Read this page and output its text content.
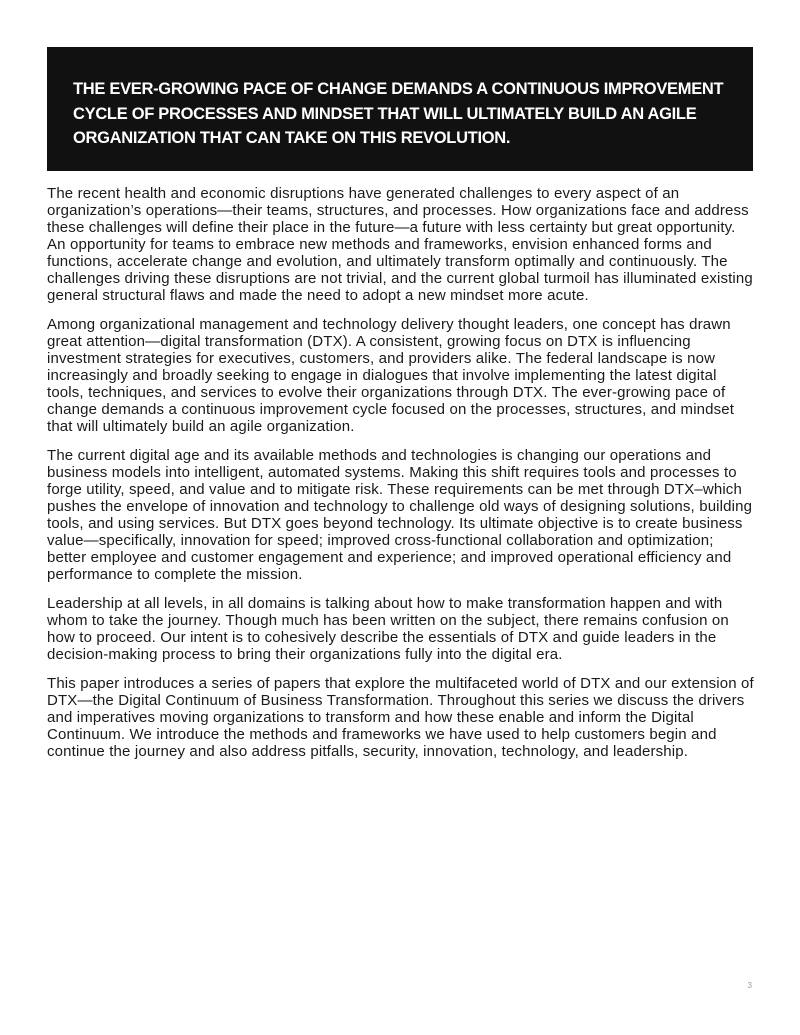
THE EVER-GROWING PACE OF CHANGE DEMANDS A CONTINUOUS IMPROVEMENT CYCLE OF PROCESSES AND MINDSET THAT WILL ULTIMATELY BUILD AN AGILE ORGANIZATION THAT CAN TAKE ON THIS REVOLUTION.

The recent health and economic disruptions have generated challenges to every aspect of an organization’s operations—their teams, structures, and processes. How organizations face and address these challenges will define their place in the future—a future with less certainty but great opportunity. An opportunity for teams to embrace new methods and frameworks, envision enhanced forms and functions, accelerate change and evolution, and ultimately transform optimally and continuously. The challenges driving these disruptions are not trivial, and the current global turmoil has illuminated existing general structural flaws and made the need to adopt a new mindset more acute.

Among organizational management and technology delivery thought leaders, one concept has drawn great attention—digital transformation (DTX). A consistent, growing focus on DTX is influencing investment strategies for executives, customers, and providers alike. The federal landscape is now increasingly and broadly seeking to engage in dialogues that involve implementing the latest digital tools, techniques, and services to evolve their organizations through DTX. The ever-growing pace of change demands a continuous improvement cycle focused on the processes, structures, and mindset that will ultimately build an agile organization.

The current digital age and its available methods and technologies is changing our operations and business models into intelligent, automated systems. Making this shift requires tools and processes to forge utility, speed, and value and to mitigate risk. These requirements can be met through DTX–which pushes the envelope of innovation and technology to challenge old ways of designing solutions, building tools, and using services. But DTX goes beyond technology. Its ultimate objective is to create business value—specifically, innovation for speed; improved cross-functional collaboration and optimization; better employee and customer engagement and experience; and improved operational efficiency and performance to complete the mission.

Leadership at all levels, in all domains is talking about how to make transformation happen and with whom to take the journey. Though much has been written on the subject, there remains confusion on how to proceed. Our intent is to cohesively describe the essentials of DTX and guide leaders in the decision-making process to bring their organizations fully into the digital era.

This paper introduces a series of papers that explore the multifaceted world of DTX and our extension of DTX—the Digital Continuum of Business Transformation. Throughout this series we discuss the drivers and imperatives moving organizations to transform and how these enable and inform the Digital Continuum. We introduce the methods and frameworks we have used to help customers begin and continue the journey and also address pitfalls, security, innovation, technology, and leadership.

3
